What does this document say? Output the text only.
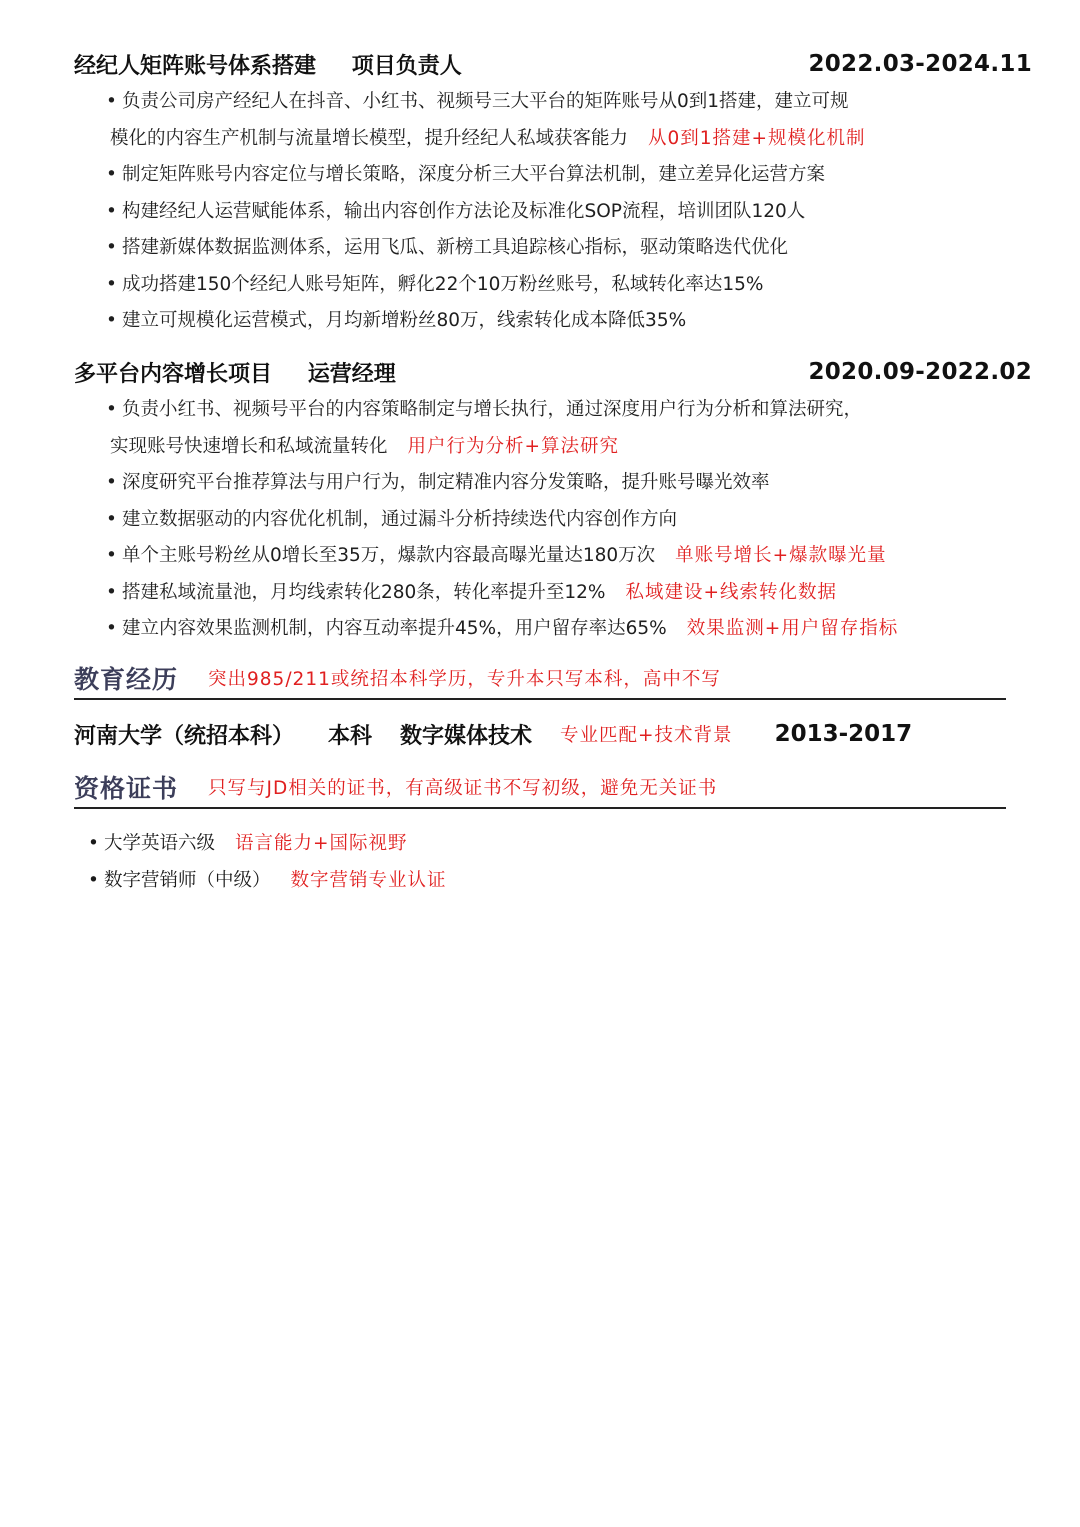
经纪人矩阵账号体系搭建 项目负责人	2022.03-2024.11
• 负责公司房产经纪人在抖音、小红书、视频号三大平台的矩阵账号从0到1搭建，建立可规
模化的内容生产机制与流量增长模型，提升经纪人私域获客能力 从0到1搭建+规模化机制
• 制定矩阵账号内容定位与增长策略，深度分析三大平台算法机制，建立差异化运营方案
• 构建经纪人运营赋能体系，输出内容创作方法论及标准化SOP流程，培训团队120人
• 搭建新媒体数据监测体系，运用飞瓜、新榜工具追踪核心指标，驱动策略迭代优化
• 成功搭建150个经纪人账号矩阵，孵化22个10万粉丝账号，私域转化率达15%
• 建立可规模化运营模式，月均新增粉丝80万，线索转化成本降低35%
多平台内容增长项目 运营经理	2020.09-2022.02
• 负责小红书、视频号平台的内容策略制定与增长执行，通过深度用户行为分析和算法研究，
实现账号快速增长和私域流量转化 用户行为分析+算法研究
• 深度研究平台推荐算法与用户行为，制定精准内容分发策略，提升账号曝光效率
• 建立数据驱动的内容优化机制，通过漏斗分析持续迭代内容创作方向
• 单个主账号粉丝从0增长至35万，爆款内容最高曝光量达180万次 单账号增长+爆款曝光量
• 搭建私域流量池，月均线索转化280条，转化率提升至12% 私域建设+线索转化数据
• 建立内容效果监测机制，内容互动率提升45%，用户留存率达65% 效果监测+用户留存指标
教育经历 突出985/211或统招本科学历，专升本只写本科，高中不写
河南大学（统招本科） 本科 数字媒体技术 专业匹配+技术背景 2013-2017
资格证书 只写与JD相关的证书，有高级证书不写初级，避免无关证书
• 大学英语六级 语言能力+国际视野
• 数字营销师（中级） 数字营销专业认证
